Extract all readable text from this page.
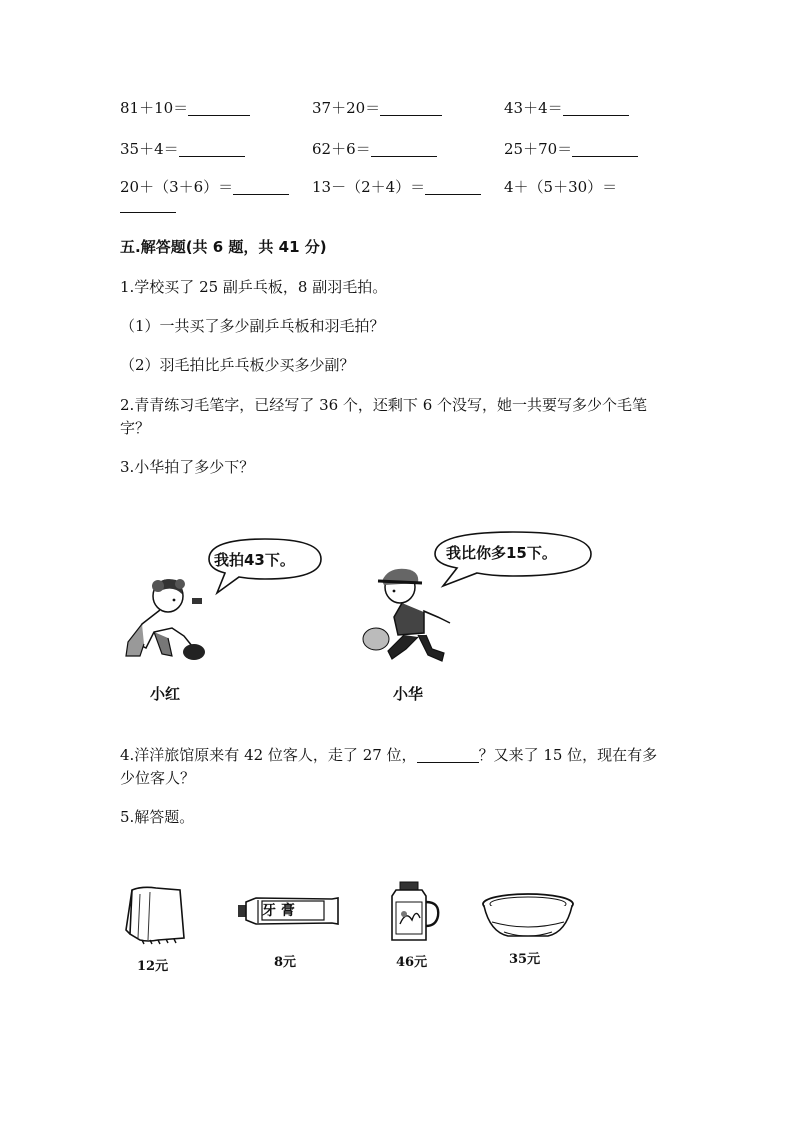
81＋10＝	37＋20＝	43＋4＝
35＋4＝	62＋6＝	25＋70＝
20＋（3＋6）＝	13－（2＋4）＝	4＋（5＋30）＝
五.解答题(共 6 题，共 41 分)
1.学校买了 25 副乒乓板，8 副羽毛拍。
（1）一共买了多少副乒乓板和羽毛拍？
（2）羽毛拍比乒乓板少买多少副？
2.青青练习毛笔字，已经写了 36 个，还剩下 6 个没写，她一共要写多少个毛笔
字？
3.小华拍了多少下？
我拍43下。	我比你多15下。
小红	小华
4.洋洋旅馆原来有 42 位客人，走了 27 位，	？又来了 15 位，现在有多
少位客人？
5.解答题。
12元
牙 膏
8元	46元	35元
